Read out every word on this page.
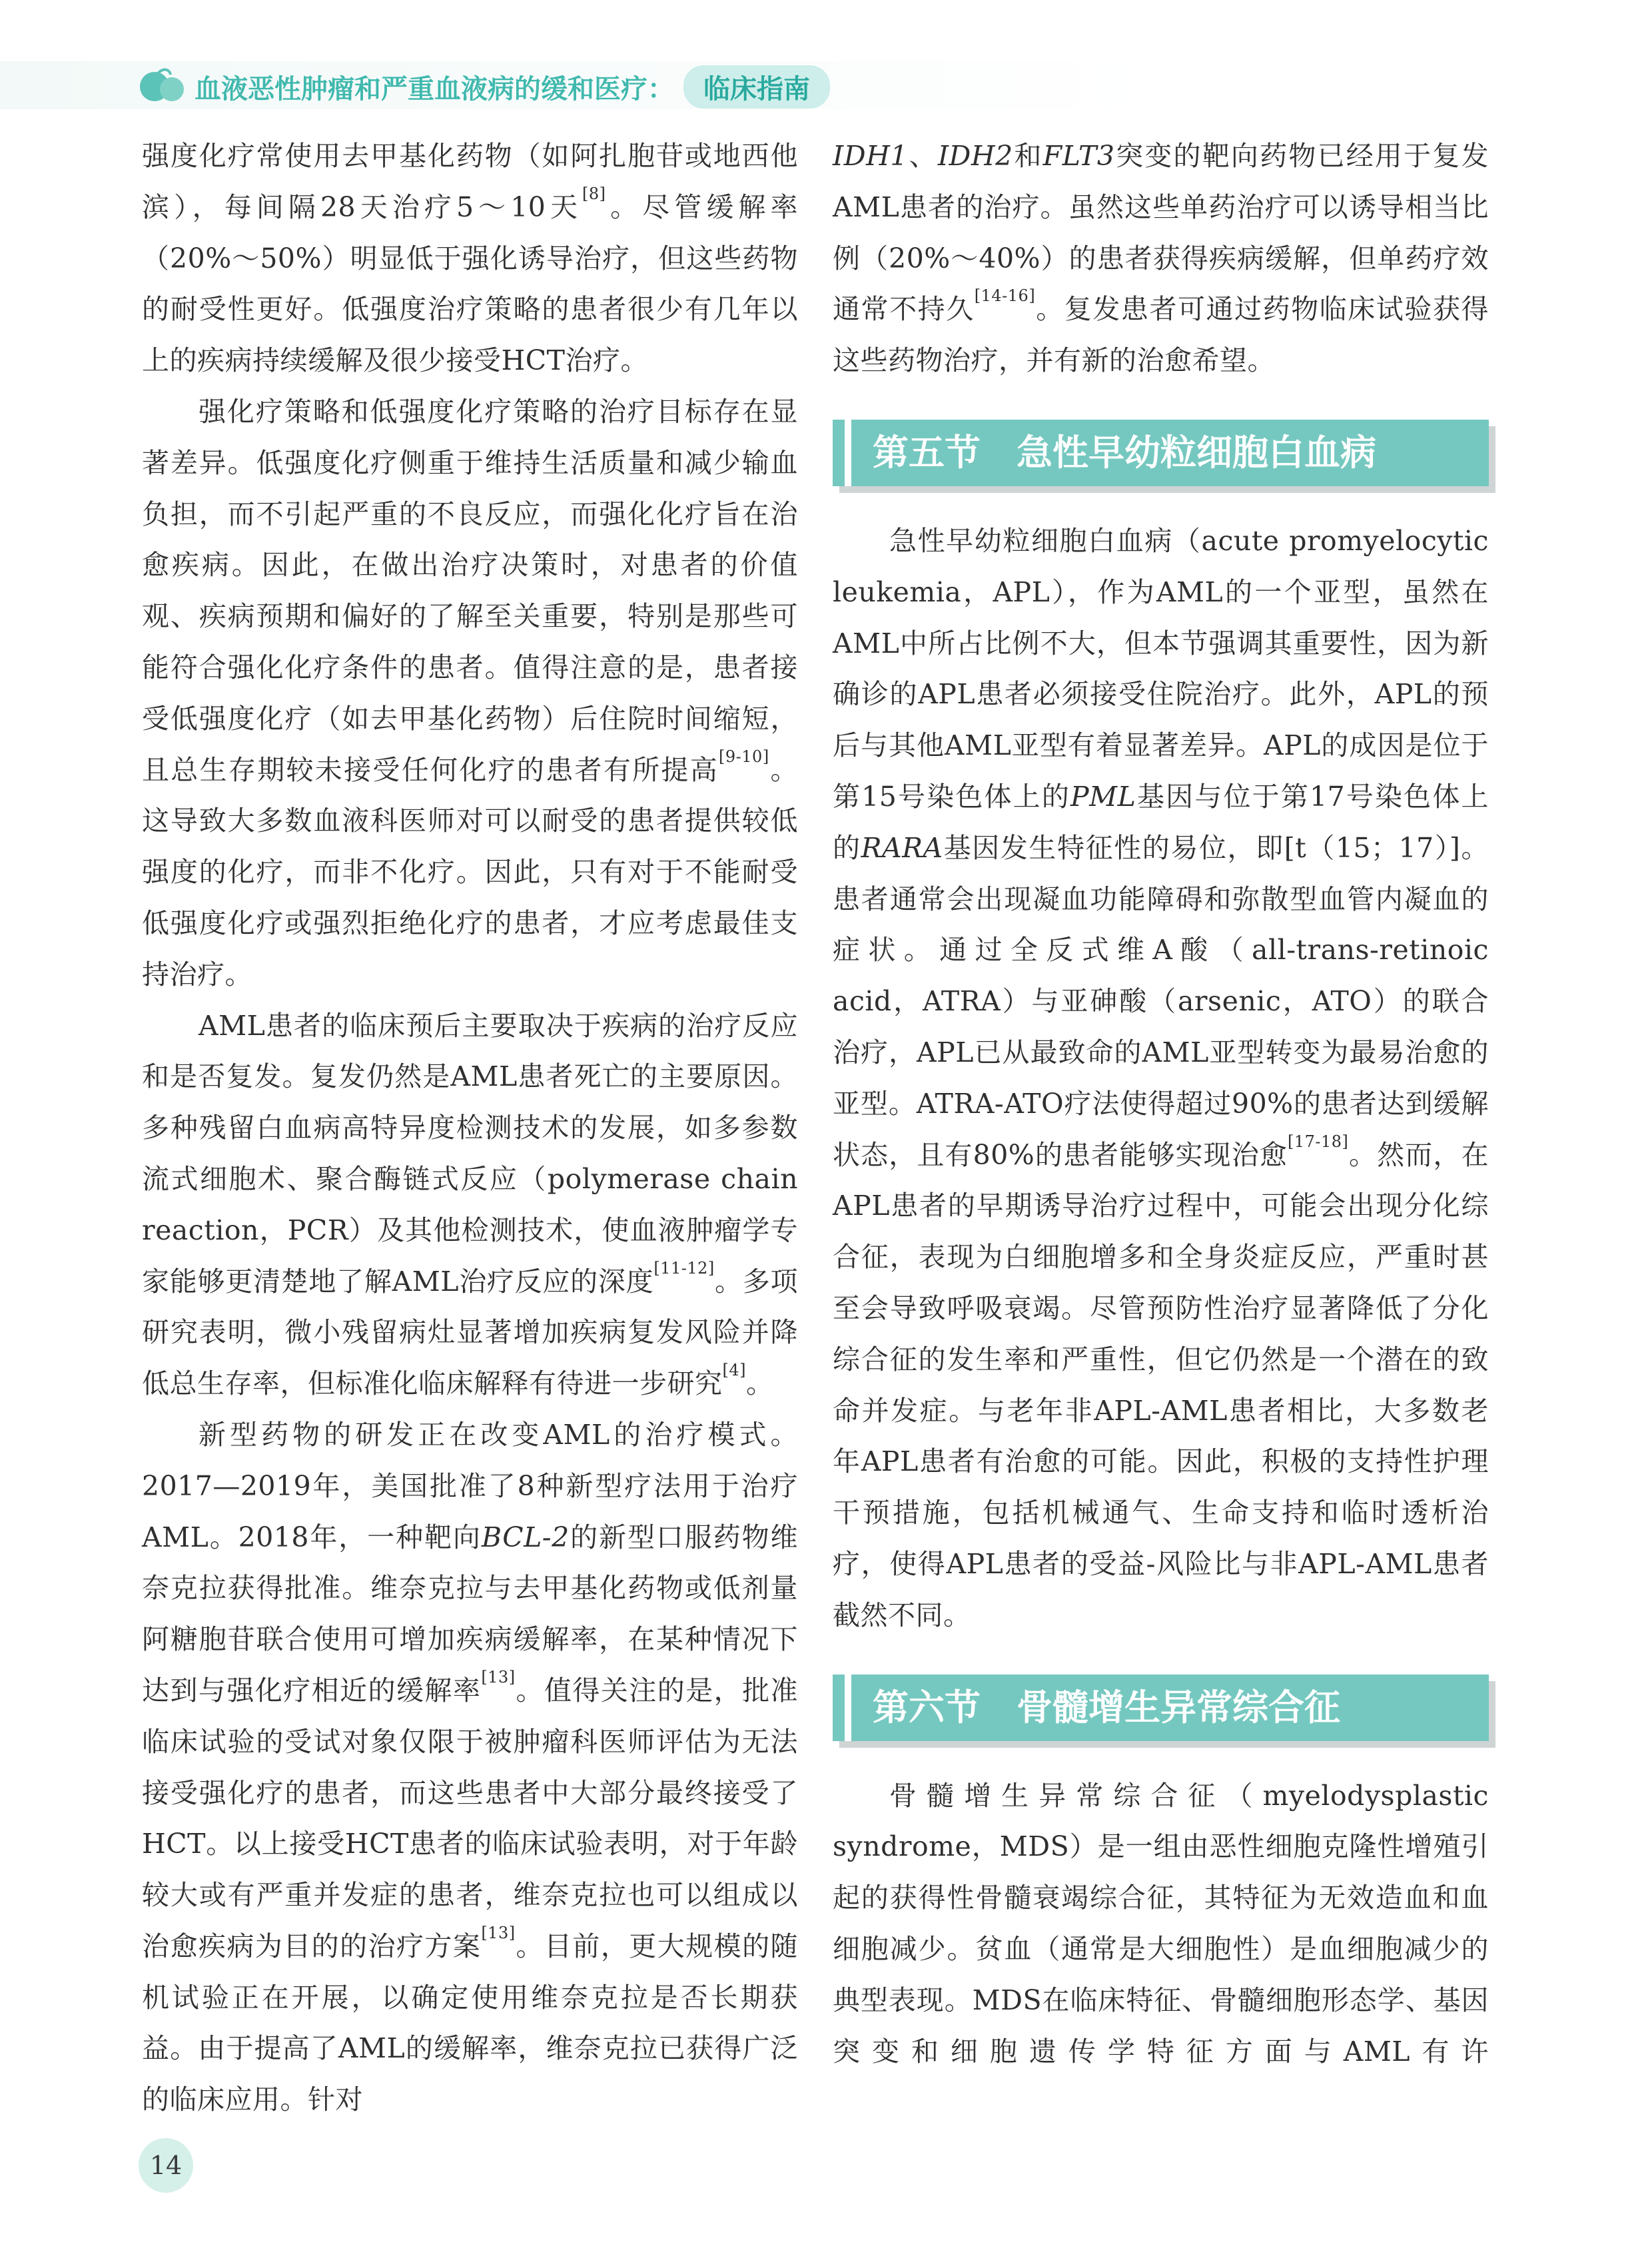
血液恶性肿瘤和严重血液病的缓和医疗：	临床指南

强度化疗常使用去甲基化药物（如阿扎胞苷或地西他滨），每间隔28天治疗5～10天[8]。尽管缓解率（20%～50%）明显低于强化诱导治疗，但这些药物的耐受性更好。低强度治疗策略的患者很少有几年以上的疾病持续缓解及很少接受HCT治疗。

强化疗策略和低强度化疗策略的治疗目标存在显著差异。低强度化疗侧重于维持生活质量和减少输血负担，而不引起严重的不良反应，而强化化疗旨在治愈疾病。因此，在做出治疗决策时，对患者的价值观、疾病预期和偏好的了解至关重要，特别是那些可能符合强化化疗条件的患者。值得注意的是，患者接受低强度化疗（如去甲基化药物）后住院时间缩短，且总生存期较未接受任何化疗的患者有所提高[9-10]。这导致大多数血液科医师对可以耐受的患者提供较低强度的化疗，而非不化疗。因此，只有对于不能耐受低强度化疗或强烈拒绝化疗的患者，才应考虑最佳支持治疗。

AML患者的临床预后主要取决于疾病的治疗反应和是否复发。复发仍然是AML患者死亡的主要原因。多种残留白血病高特异度检测技术的发展，如多参数流式细胞术、聚合酶链式反应（polymerase chain reaction，PCR）及其他检测技术，使血液肿瘤学专家能够更清楚地了解AML治疗反应的深度[11-12]。多项研究表明，微小残留病灶显著增加疾病复发风险并降低总生存率，但标准化临床解释有待进一步研究[4]。

新型药物的研发正在改变AML的治疗模式。2017—2019年，美国批准了8种新型疗法用于治疗AML。2018年，一种靶向BCL-2的新型口服药物维奈克拉获得批准。维奈克拉与去甲基化药物或低剂量阿糖胞苷联合使用可增加疾病缓解率，在某种情况下达到与强化疗相近的缓解率[13]。值得关注的是，批准临床试验的受试对象仅限于被肿瘤科医师评估为无法接受强化疗的患者，而这些患者中大部分最终接受了HCT。以上接受HCT患者的临床试验表明，对于年龄较大或有严重并发症的患者，维奈克拉也可以组成以治愈疾病为目的的治疗方案[13]。目前，更大规模的随机试验正在开展，以确定使用维奈克拉是否长期获益。由于提高了AML的缓解率，维奈克拉已获得广泛的临床应用。针对

IDH1、IDH2和FLT3突变的靶向药物已经用于复发AML患者的治疗。虽然这些单药治疗可以诱导相当比例（20%～40%）的患者获得疾病缓解，但单药疗效通常不持久[14-16]。复发患者可通过药物临床试验获得这些药物治疗，并有新的治愈希望。

第五节　急性早幼粒细胞白血病

急性早幼粒细胞白血病（acute promyelocytic leukemia，APL），作为AML的一个亚型，虽然在AML中所占比例不大，但本节强调其重要性，因为新确诊的APL患者必须接受住院治疗。此外，APL的预后与其他AML亚型有着显著差异。APL的成因是位于第15号染色体上的PML基因与位于第17号染色体上的RARA基因发生特征性的易位，即[t（15；17）]。患者通常会出现凝血功能障碍和弥散型血管内凝血的症状。通过全反式维A酸（all-trans-retinoic acid，ATRA）与亚砷酸（arsenic，ATO）的联合治疗，APL已从最致命的AML亚型转变为最易治愈的亚型。ATRA-ATO疗法使得超过90%的患者达到缓解状态，且有80%的患者能够实现治愈[17-18]。然而，在APL患者的早期诱导治疗过程中，可能会出现分化综合征，表现为白细胞增多和全身炎症反应，严重时甚至会导致呼吸衰竭。尽管预防性治疗显著降低了分化综合征的发生率和严重性，但它仍然是一个潜在的致命并发症。与老年非APL-AML患者相比，大多数老年APL患者有治愈的可能。因此，积极的支持性护理干预措施，包括机械通气、生命支持和临时透析治疗，使得APL患者的受益-风险比与非APL-AML患者截然不同。

第六节　骨髓增生异常综合征

骨髓增生异常综合征（myelodysplastic syndrome，MDS）是一组由恶性细胞克隆性增殖引起的获得性骨髓衰竭综合征，其特征为无效造血和血细胞减少。贫血（通常是大细胞性）是血细胞减少的典型表现。MDS在临床特征、骨髓细胞形态学、基因突变和细胞遗传学特征方面与AML有许

14
